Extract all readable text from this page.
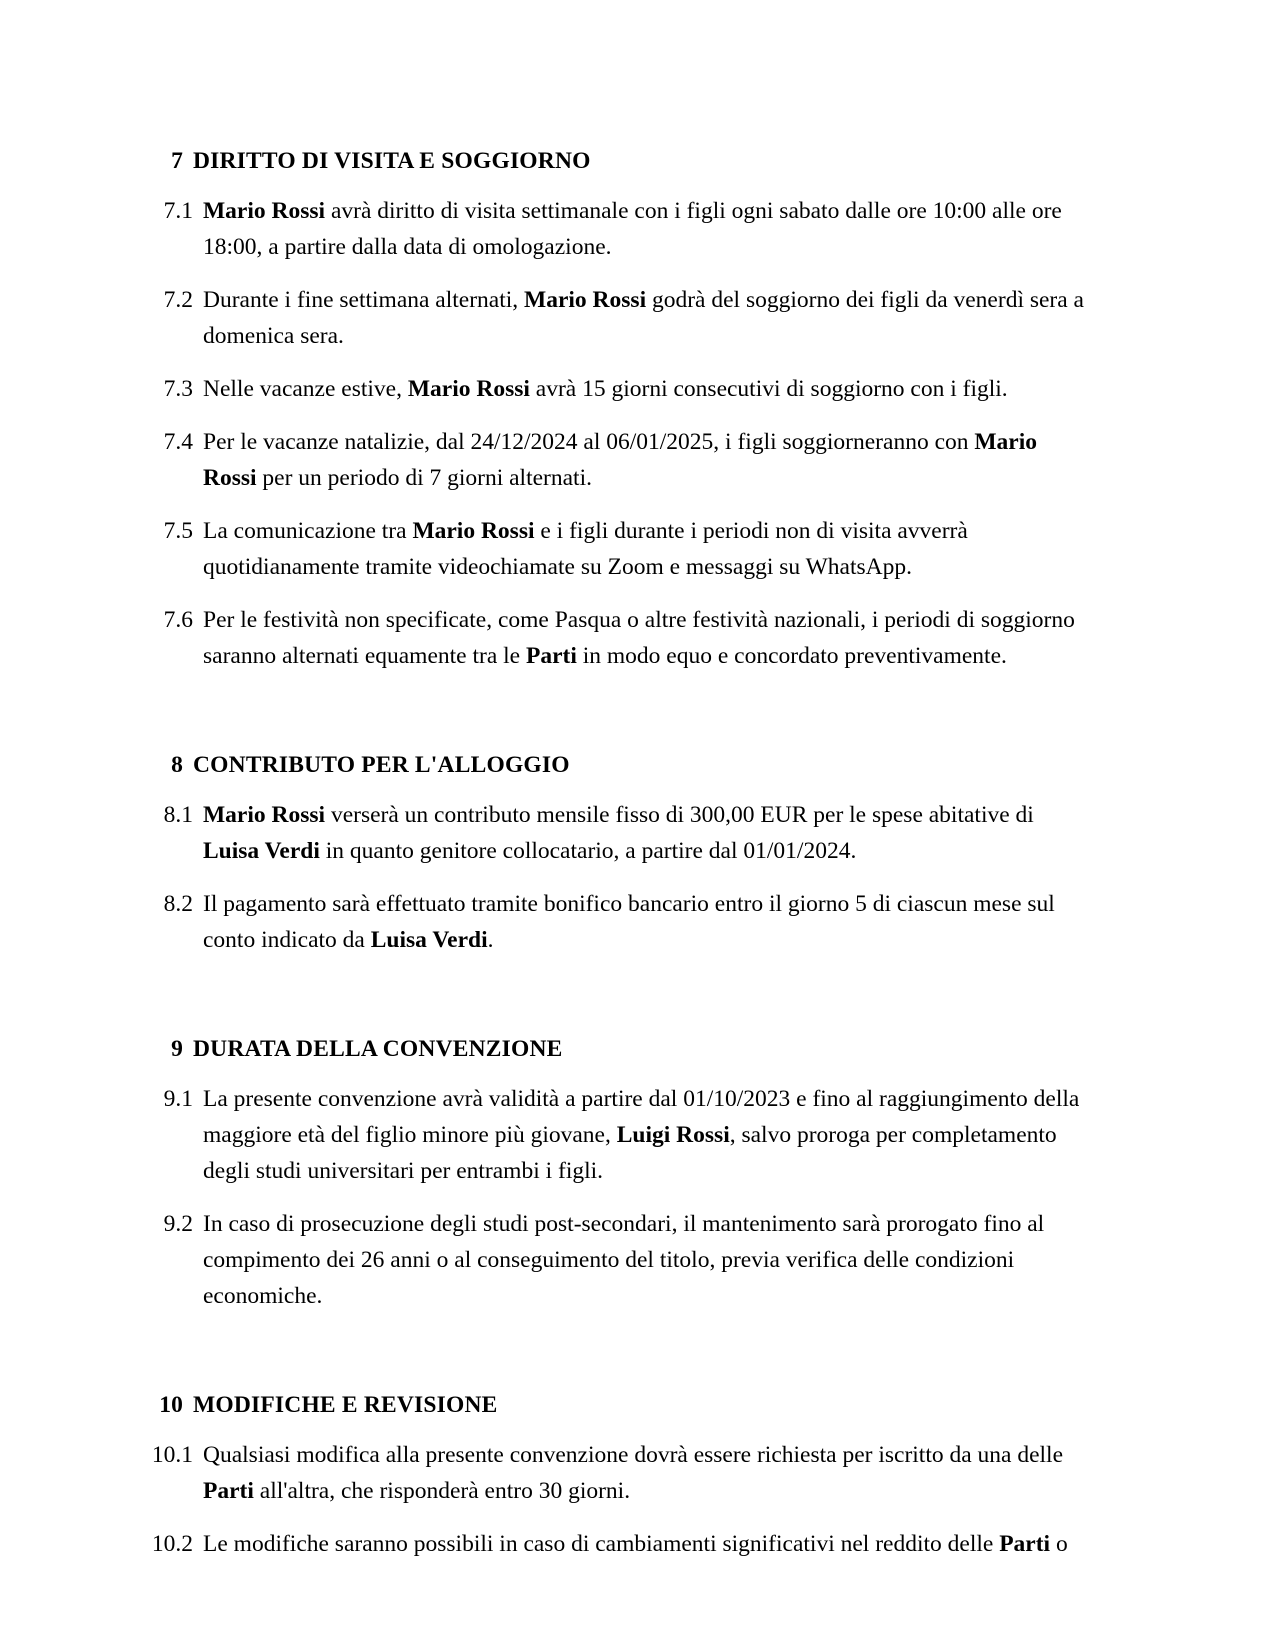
7 DIRITTO DI VISITA E SOGGIORNO
7.1 Mario Rossi avrà diritto di visita settimanale con i figli ogni sabato dalle ore 10:00 alle ore 18:00, a partire dalla data di omologazione.
7.2 Durante i fine settimana alternati, Mario Rossi godrà del soggiorno dei figli da venerdì sera a domenica sera.
7.3 Nelle vacanze estive, Mario Rossi avrà 15 giorni consecutivi di soggiorno con i figli.
7.4 Per le vacanze natalizie, dal 24/12/2024 al 06/01/2025, i figli soggiorneranno con Mario Rossi per un periodo di 7 giorni alternati.
7.5 La comunicazione tra Mario Rossi e i figli durante i periodi non di visita avverrà quotidianamente tramite videochiamate su Zoom e messaggi su WhatsApp.
7.6 Per le festività non specificate, come Pasqua o altre festività nazionali, i periodi di soggiorno saranno alternati equamente tra le Parti in modo equo e concordato preventivamente.
8 CONTRIBUTO PER L'ALLOGGIO
8.1 Mario Rossi verserà un contributo mensile fisso di 300,00 EUR per le spese abitative di Luisa Verdi in quanto genitore collocatario, a partire dal 01/01/2024.
8.2 Il pagamento sarà effettuato tramite bonifico bancario entro il giorno 5 di ciascun mese sul conto indicato da Luisa Verdi.
9 DURATA DELLA CONVENZIONE
9.1 La presente convenzione avrà validità a partire dal 01/10/2023 e fino al raggiungimento della maggiore età del figlio minore più giovane, Luigi Rossi, salvo proroga per completamento degli studi universitari per entrambi i figli.
9.2 In caso di prosecuzione degli studi post-secondari, il mantenimento sarà prorogato fino al compimento dei 26 anni o al conseguimento del titolo, previa verifica delle condizioni economiche.
10 MODIFICHE E REVISIONE
10.1 Qualsiasi modifica alla presente convenzione dovrà essere richiesta per iscritto da una delle Parti all'altra, che risponderà entro 30 giorni.
10.2 Le modifiche saranno possibili in caso di cambiamenti significativi nel reddito delle Parti o
